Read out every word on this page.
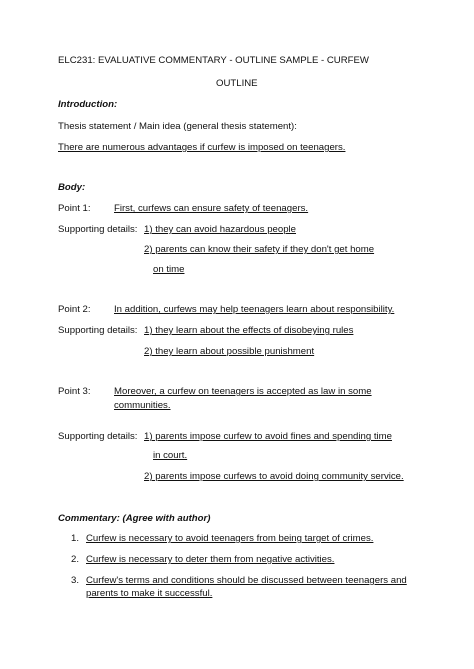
ELC231: EVALUATIVE COMMENTARY - OUTLINE SAMPLE - CURFEW
OUTLINE
Introduction:
Thesis statement / Main idea (general thesis statement):
There are numerous advantages if curfew is imposed on teenagers.
Body:
Point 1: First, curfews can ensure safety of teenagers.
Supporting details: 1) they can avoid hazardous people
2) parents can know their safety if they don't get home
on time
Point 2: In addition, curfews may help teenagers learn about responsibility.
Supporting details: 1) they learn about the effects of disobeying rules
2) they learn about possible punishment
Point 3: Moreover, a curfew on teenagers is accepted as law in some
communities.
Supporting details: 1) parents impose curfew to avoid fines and spending time
in court.
2) parents impose curfews to avoid doing community service.
Commentary: (Agree with author)
1. Curfew is necessary to avoid teenagers from being target of crimes.
2. Curfew is necessary to deter them from negative activities.
3. Curfew's terms and conditions should be discussed between teenagers and
parents to make it successful.
